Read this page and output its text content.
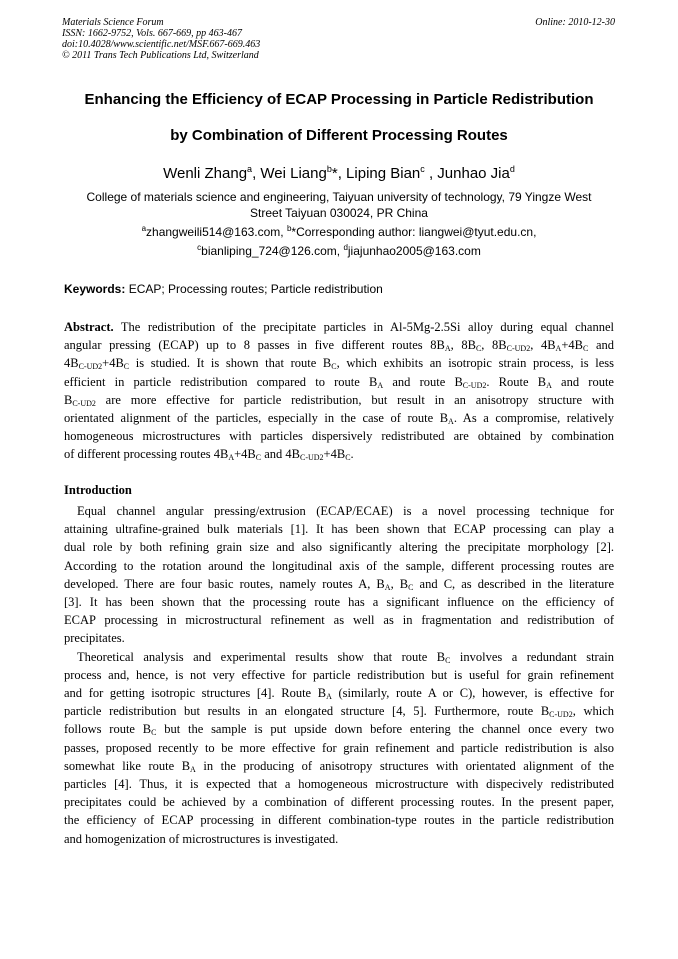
Materials Science Forum
ISSN: 1662-9752, Vols. 667-669, pp 463-467
doi:10.4028/www.scientific.net/MSF.667-669.463
© 2011 Trans Tech Publications Ltd, Switzerland
Online: 2010-12-30
Enhancing the Efficiency of ECAP Processing in Particle Redistribution
by Combination of Different Processing Routes
Wenli Zhang$^a$, Wei Liang$^b$*, Liping Bian$^c$ , Junhao Jia$^d$
College of materials science and engineering, Taiyuan university of technology, 79 Yingze West
Street Taiyuan 030024, PR China
$^a$zhangweili514@163.com, $^b$*Corresponding author: liangwei@tyut.edu.cn,
$^c$bianliping_724@126.com, $^d$jiajunhao2005@163.com
Keywords: ECAP; Processing routes; Particle redistribution
Abstract. The redistribution of the precipitate particles in Al-5Mg-2.5Si alloy during equal channel
angular pressing (ECAP) up to 8 passes in five different routes $8B_A$, $8B_C$, $8B_{C-UD2}$, $4B_A+4B_C$ and
$4B_{C-UD2}+4B_C$ is studied. It is shown that route $B_C$, which exhibits an isotropic strain process, is less
efficient in particle redistribution compared to route $B_A$ and route $B_{C-UD2}$. Route $B_A$ and route
$B_{C-UD2}$ are more effective for particle redistribution, but result in an anisotropy structure with
orientated alignment of the particles, especially in the case of route $B_A$. As a compromise, relatively
homogeneous microstructures with particles dispersively redistributed are obtained by combination
of different processing routes $4B_A+4B_C$ and $4B_{C-UD2}+4B_C$.
Introduction
Equal channel angular pressing/extrusion (ECAP/ECAE) is a novel processing technique for
attaining ultrafine-grained bulk materials [1]. It has been shown that ECAP processing can play a
dual role by both refining grain size and also significantly altering the precipitate morphology [2].
According to the rotation around the longitudinal axis of the sample, different processing routes are
developed. There are four basic routes, namely routes A, $B_A$, $B_C$ and C, as described in the literature
[3]. It has been shown that the processing route has a significant influence on the efficiency of
ECAP processing in microstructural refinement as well as in fragmentation and redistribution of
precipitates.
Theoretical analysis and experimental results show that route $B_C$ involves a redundant strain
process and, hence, is not very effective for particle redistribution but is useful for grain refinement
and for getting isotropic structures [4]. Route $B_A$ (similarly, route A or C), however, is effective for
particle redistribution but results in an elongated structure [4, 5]. Furthermore, route $B_{C-UD2}$, which
follows route $B_C$ but the sample is put upside down before entering the channel once every two
passes, proposed recently to be more effective for grain refinement and particle redistribution is also
somewhat like route $B_A$ in the producing of anisotropy structures with orientated alignment of the
particles [4]. Thus, it is expected that a homogeneous microstructure with dispecively redistributed
precipitates could be achieved by a combination of different processing routes. In the present paper,
the efficiency of ECAP processing in different combination-type routes in the particle redistribution
and homogenization of microstructures is investigated.
